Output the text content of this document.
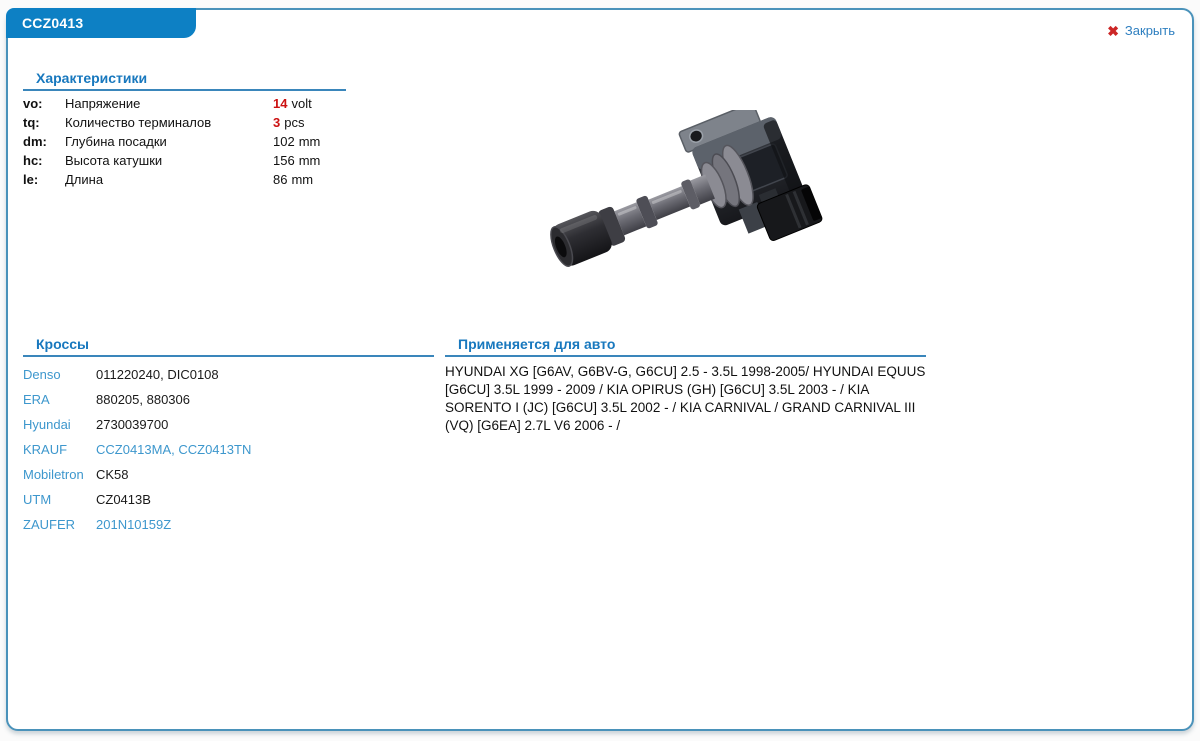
CCZ0413	✖ Закрыть
Характеристики
vo:	Напряжение	14 volt
tq:	Количество терминалов	3 pcs
dm:	Глубина посадки	102 mm
hc:	Высота катушки	156 mm
le:	Длина	86 mm
Кроссы
Denso	011220240, DIC0108
ERA	880205, 880306
Hyundai	2730039700
KRAUF	CCZ0413MA, CCZ0413TN
Mobiletron CK58
UTM	CZ0413B
ZAUFER	201N10159Z
Применяется для авто
HYUNDAI XG [G6AV, G6BV-G, G6CU] 2.5 - 3.5L 1998-2005/ HYUNDAI EQUUS [G6CU] 3.5L 1999 - 2009 / KIA OPIRUS (GH) [G6CU] 3.5L 2003 - / KIA SORENTO I (JC) [G6CU] 3.5L 2002 - / KIA CARNIVAL / GRAND CARNIVAL III (VQ) [G6EA] 2.7L V6 2006 - /
